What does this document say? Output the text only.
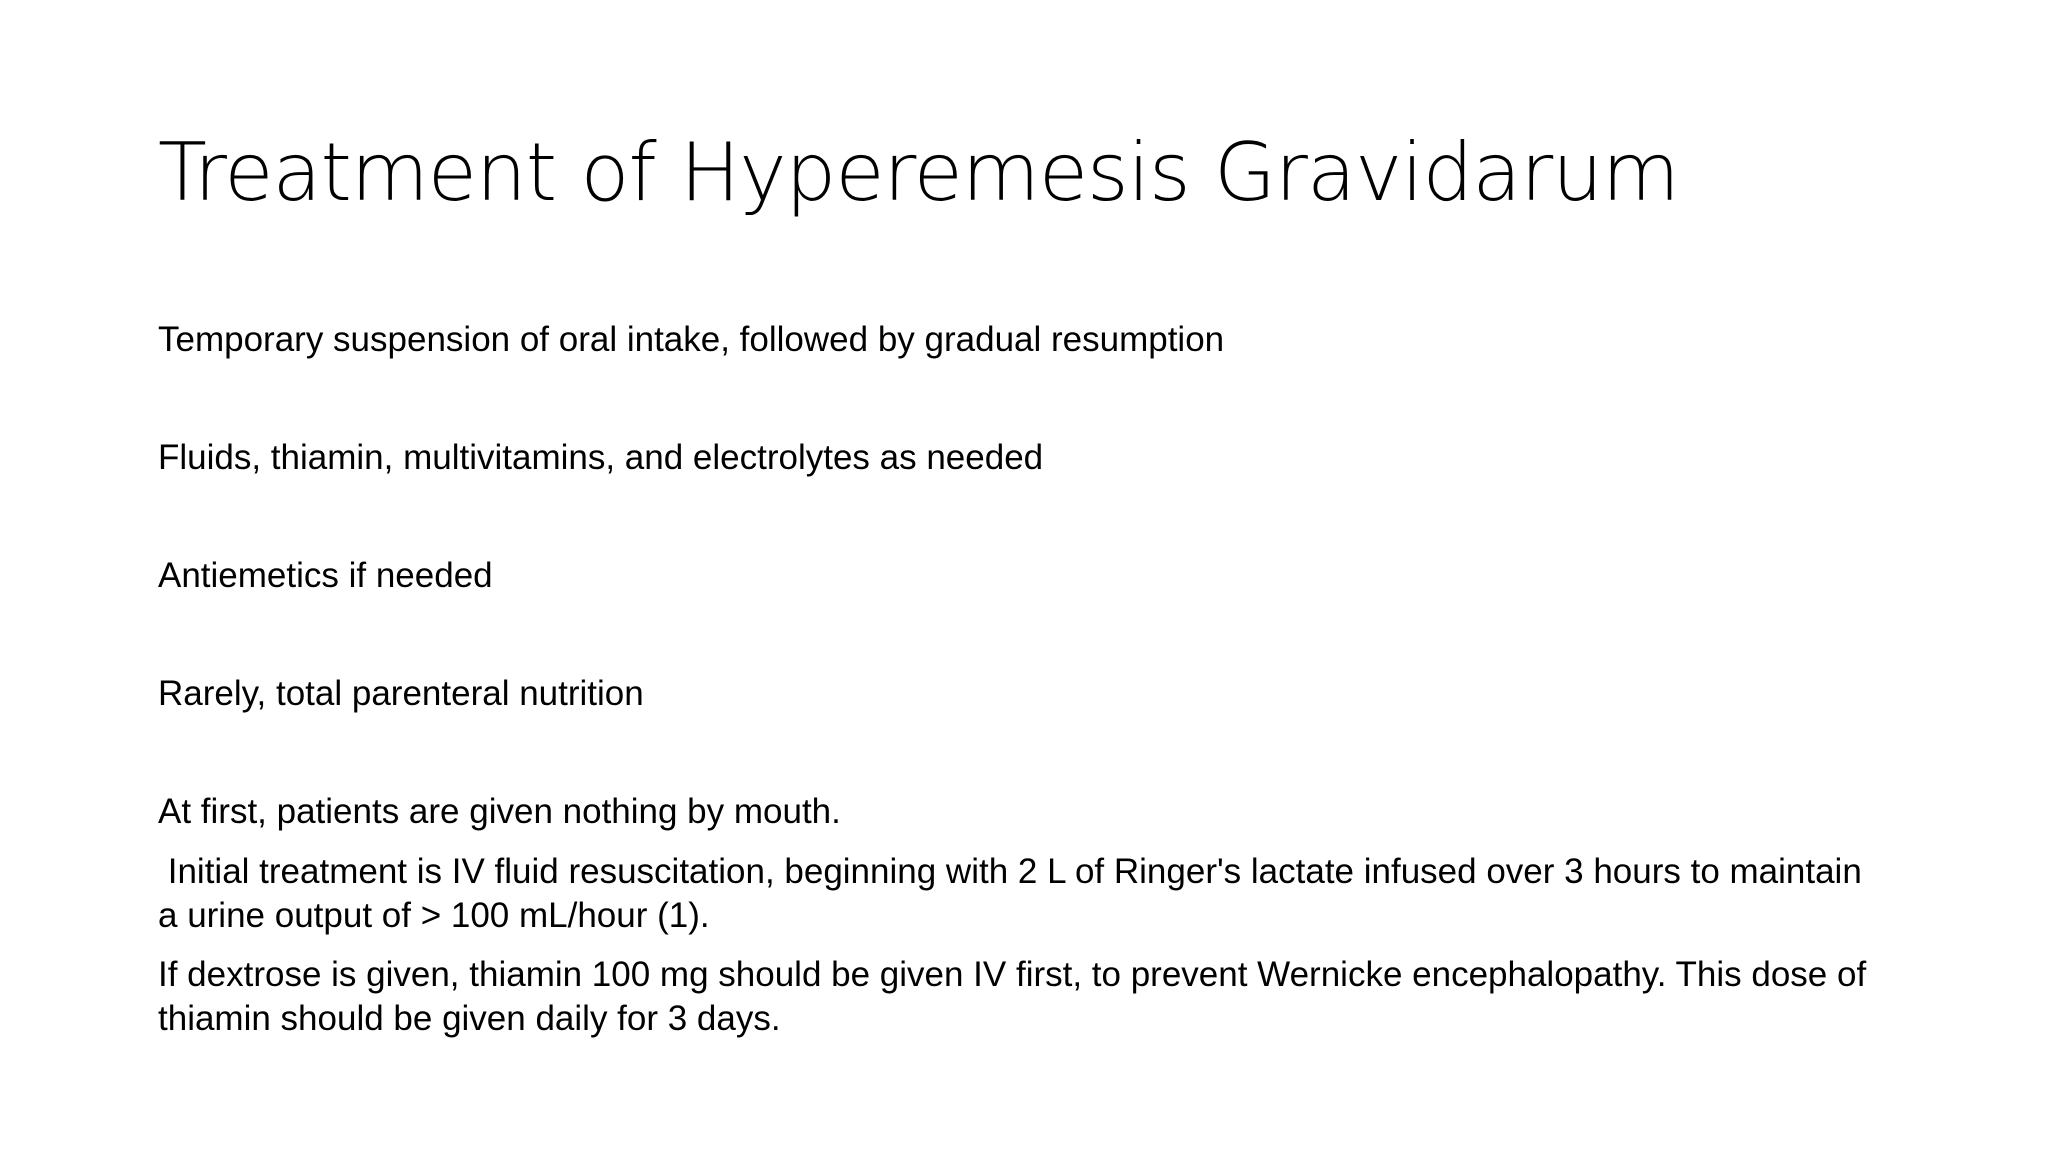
Treatment of Hyperemesis Gravidarum

Temporary suspension of oral intake, followed by gradual resumption

Fluids, thiamin, multivitamins, and electrolytes as needed

Antiemetics if needed

Rarely, total parenteral nutrition

At first, patients are given nothing by mouth.

Initial treatment is IV fluid resuscitation, beginning with 2 L of Ringer's lactate infused over 3 hours to maintain a urine output of > 100 mL/hour (1).

If dextrose is given, thiamin 100 mg should be given IV first, to prevent Wernicke encephalopathy. This dose of thiamin should be given daily for 3 days.
